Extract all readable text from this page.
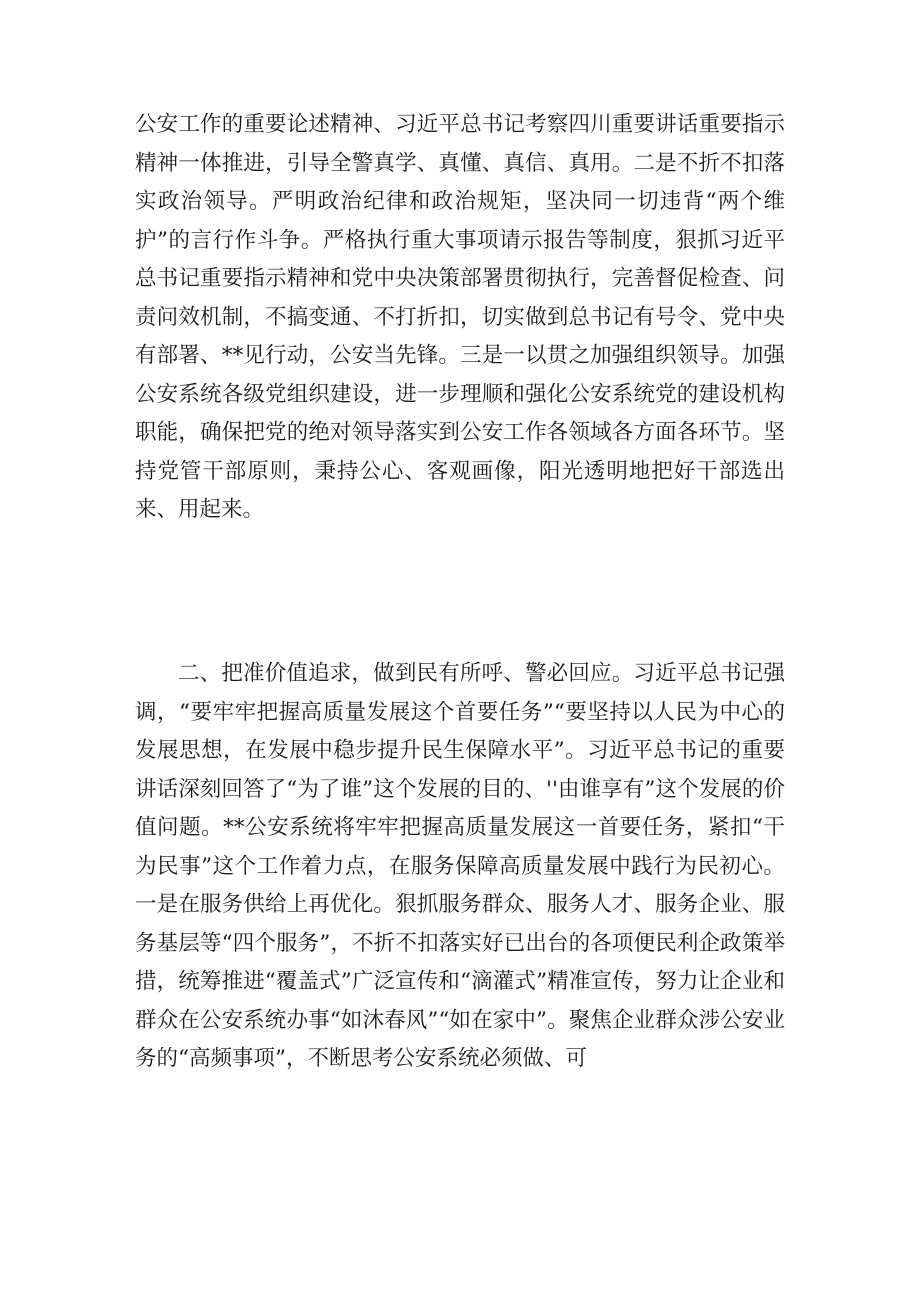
公安工作的重要论述精神、习近平总书记考察四川重要讲话重要指示精神一体推进，引导全警真学、真懂、真信、真用。二是不折不扣落实政治领导。严明政治纪律和政治规矩，坚决同一切违背“两个维护”的言行作斗争。严格执行重大事项请示报告等制度，狠抓习近平总书记重要指示精神和党中央决策部署贯彻执行，完善督促检查、问责问效机制，不搞变通、不打折扣，切实做到总书记有号令、党中央有部署、**见行动，公安当先锋。三是一以贯之加强组织领导。加强公安系统各级党组织建设，进一步理顺和强化公安系统党的建设机构职能，确保把党的绝对领导落实到公安工作各领域各方面各环节。坚持党管干部原则，秉持公心、客观画像，阳光透明地把好干部选出来、用起来。

二、把准价值追求，做到民有所呼、警必回应。习近平总书记强调，“要牢牢把握高质量发展这个首要任务”“要坚持以人民为中心的发展思想，在发展中稳步提升民生保障水平”。习近平总书记的重要讲话深刻回答了“为了谁”这个发展的目的、''由谁享有”这个发展的价值问题。**公安系统将牢牢把握高质量发展这一首要任务，紧扣“干为民事”这个工作着力点，在服务保障高质量发展中践行为民初心。一是在服务供给上再优化。狠抓服务群众、服务人才、服务企业、服务基层等“四个服务”，不折不扣落实好已出台的各项便民利企政策举措，统筹推进“覆盖式”广泛宣传和“滴灌式”精准宣传，努力让企业和群众在公安系统办事“如沐春风”“如在家中”。聚焦企业群众涉公安业务的“高频事项”，不断思考公安系统必须做、可
